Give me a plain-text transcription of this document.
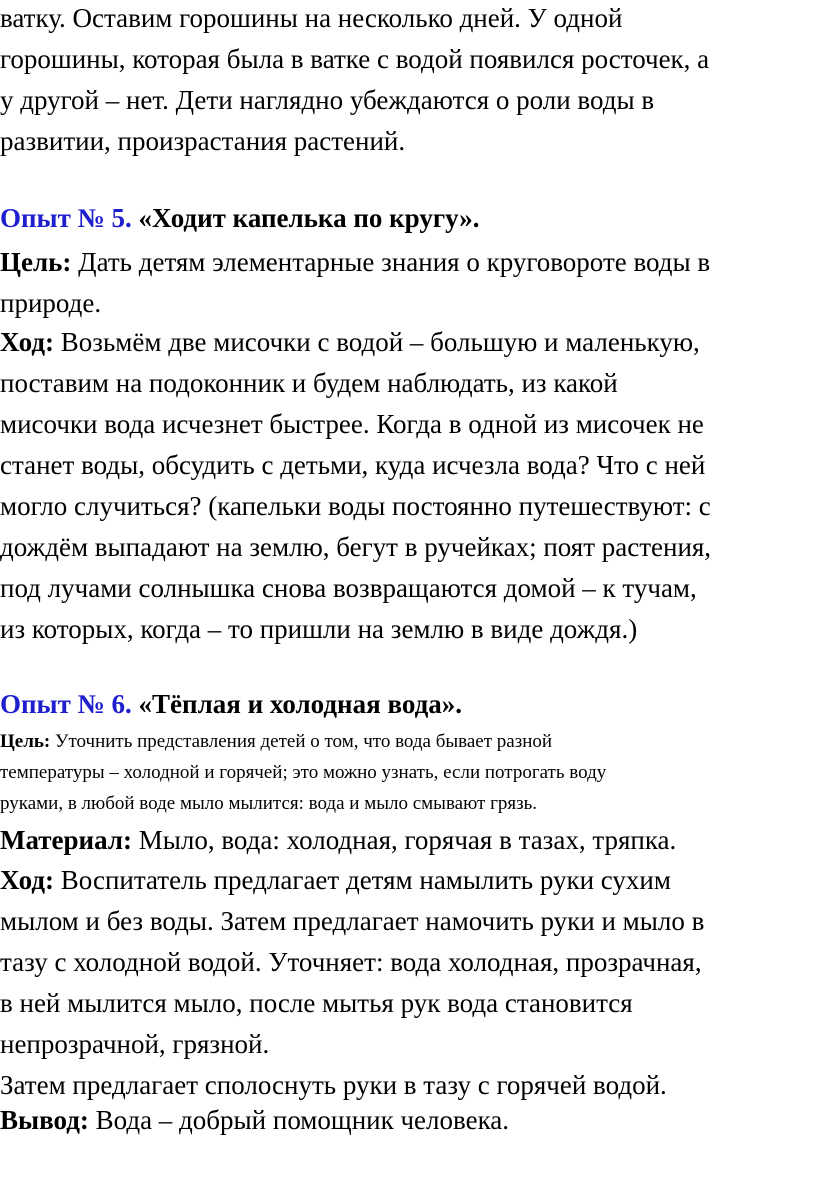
ватку. Оставим горошины на несколько дней. У одной
горошины, которая была в ватке с водой появился росточек, а
у другой – нет. Дети наглядно убеждаются о роли воды в
развитии, произрастания растений.

Опыт № 5. «Ходит капелька по кругу».

Цель: Дать детям элементарные знания о круговороте воды в
природе.

Ход: Возьмём две мисочки с водой – большую и маленькую,
поставим на подоконник и будем наблюдать, из какой
мисочки вода исчезнет быстрее. Когда в одной из мисочек не
станет воды, обсудить с детьми, куда исчезла вода? Что с ней
могло случиться? (капельки воды постоянно путешествуют: с
дождём выпадают на землю, бегут в ручейках; поят растения,
под лучами солнышка снова возвращаются домой – к тучам,
из которых, когда – то пришли на землю в виде дождя.)

Опыт № 6. «Тёплая и холодная вода».

Цель: Уточнить представления детей о том, что вода бывает разной
температуры – холодной и горячей; это можно узнать, если потрогать воду
руками, в любой воде мыло мылится: вода и мыло смывают грязь.

Материал: Мыло, вода: холодная, горячая в тазах, тряпка.

Ход: Воспитатель предлагает детям намылить руки сухим
мылом и без воды. Затем предлагает намочить руки и мыло в
тазу с холодной водой. Уточняет: вода холодная, прозрачная,
в ней мылится мыло, после мытья рук вода становится
непрозрачной, грязной.
Затем предлагает сполоснуть руки в тазу с горячей водой.

Вывод: Вода – добрый помощник человека.
